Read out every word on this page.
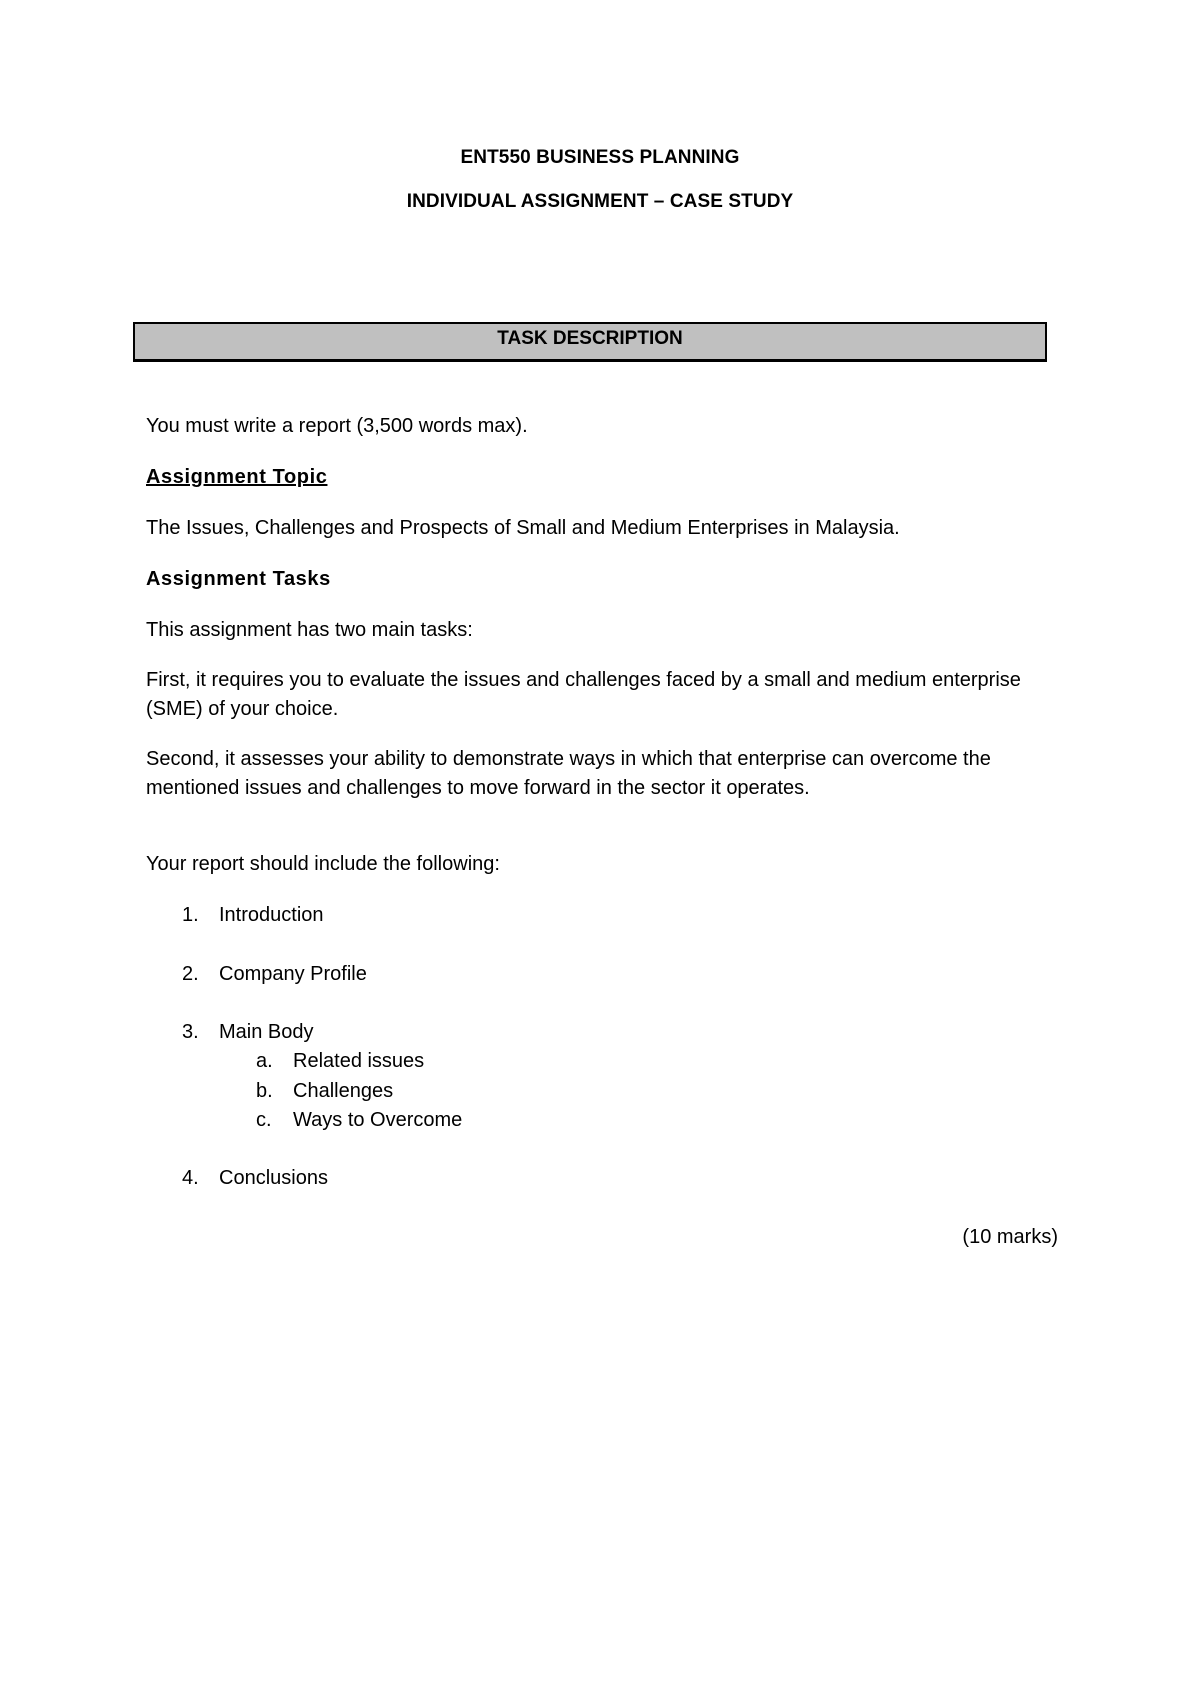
ENT550 BUSINESS PLANNING
INDIVIDUAL ASSIGNMENT – CASE STUDY
TASK DESCRIPTION

You must write a report (3,500 words max).

Assignment Topic

The Issues, Challenges and Prospects of Small and Medium Enterprises in Malaysia.

Assignment Tasks

This assignment has two main tasks:

First, it requires you to evaluate the issues and challenges faced by a small and medium enterprise (SME) of your choice.

Second, it assesses your ability to demonstrate ways in which that enterprise can overcome the mentioned issues and challenges to move forward in the sector it operates.

Your report should include the following:

1. Introduction
2. Company Profile
3. Main Body
a. Related issues
b. Challenges
c. Ways to Overcome
4. Conclusions
(10 marks)
